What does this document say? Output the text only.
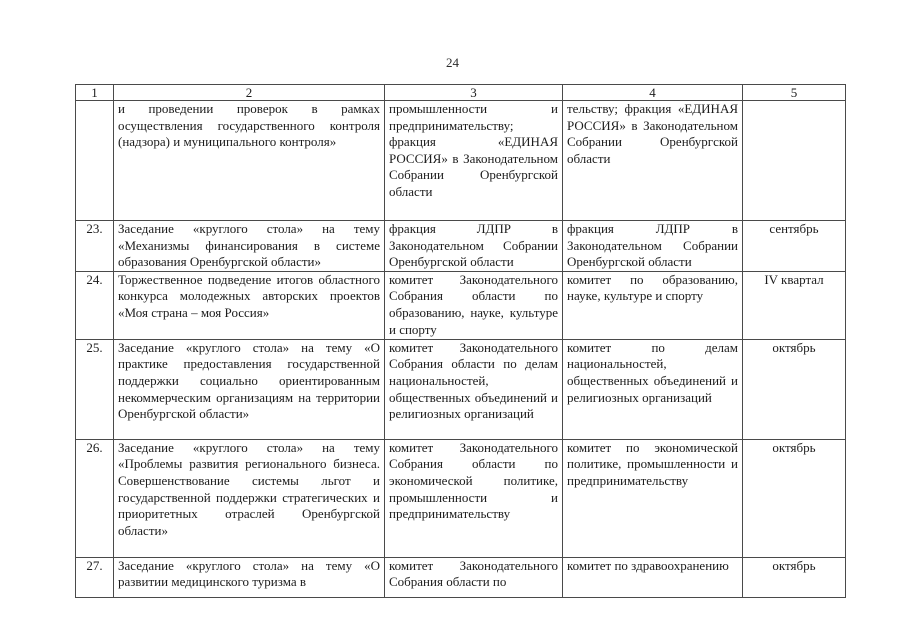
24
1	2	3	4	5
	и проведении проверок в рамках осуществления государственного контроля (надзора) и муниципального контроля»	промышленности и предпринимательству; фракция «ЕДИНАЯ РОССИЯ» в Законодательном Собрании Оренбургской области	тельству; фракция «ЕДИНАЯ РОССИЯ» в Законодательном Собрании Оренбургской области	
23.	Заседание «круглого стола» на тему «Механизмы финансирования в системе образования Оренбургской области»	фракция ЛДПР в Законодательном Собрании Оренбургской области	фракция ЛДПР в Законодательном Собрании Оренбургской области	сентябрь
24.	Торжественное подведение итогов областного конкурса молодежных авторских проектов «Моя страна – моя Россия»	комитет Законодательного Собрания области по образованию, науке, культуре и спорту	комитет по образованию, науке, культуре и спорту	IV квартал
25.	Заседание «круглого стола» на тему «О практике предоставления государственной поддержки социально ориентированным некоммерческим организациям на территории Оренбургской области»	комитет Законодательного Собрания области по делам национальностей, общественных объединений и религиозных организаций	комитет по делам национальностей, общественных объединений и религиозных организаций	октябрь
26.	Заседание «круглого стола» на тему «Проблемы развития регионального бизнеса. Совершенствование системы льгот и государственной поддержки стратегических и приоритетных отраслей Оренбургской области»	комитет Законодательного Собрания области по экономической политике, промышленности и предпринимательству	комитет по экономической политике, промышленности и предпринимательству	октябрь
27.	Заседание «круглого стола» на тему «О развитии медицинского туризма в	комитет Законодательного Собрания области по	комитет по здравоохранению	октябрь
